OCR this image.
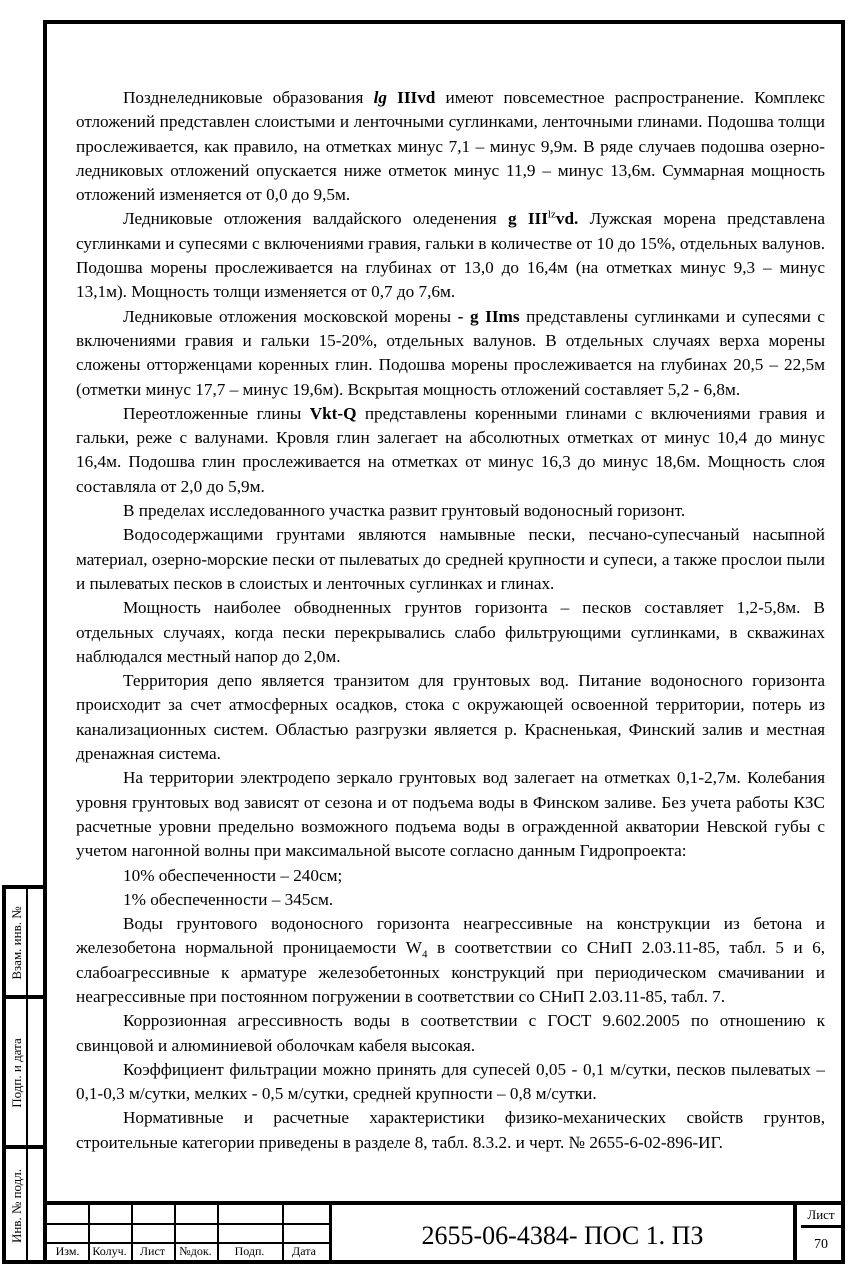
Взам. инв. №
Подп. и дата
Инв. № подл.

Позднеледниковые образования lg IIIvd имеют повсеместное распространение. Комплекс отложений представлен слоистыми и ленточными суглинками, ленточными глинами. Подошва толщи прослеживается, как правило, на отметках минус 7,1 – минус 9,9м. В ряде случаев подошва озерно-ледниковых отложений опускается ниже отметок минус 11,9 – минус 13,6м. Суммарная мощность отложений изменяется от 0,0 до 9,5м.

Ледниковые отложения валдайского оледенения g $III^{lz}vd$. Лужская морена представлена суглинками и супесями с включениями гравия, гальки в количестве от 10 до 15%, отдельных валунов. Подошва морены прослеживается на глубинах от 13,0 до 16,4м (на отметках минус 9,3 – минус 13,1м). Мощность толщи изменяется от 0,7 до 7,6м.

Ледниковые отложения московской морены - g IIms представлены суглинками и супесями с включениями гравия и гальки 15-20%, отдельных валунов. В отдельных случаях верха морены сложены отторженцами коренных глин. Подошва морены прослеживается на глубинах 20,5 – 22,5м (отметки минус 17,7 – минус 19,6м). Вскрытая мощность отложений составляет 5,2 - 6,8м.

Переотложенные глины Vkt-Q представлены коренными глинами с включениями гравия и гальки, реже с валунами. Кровля глин залегает на абсолютных отметках от минус 10,4 до минус 16,4м. Подошва глин прослеживается на отметках от минус 16,3 до минус 18,6м. Мощность слоя составляла от 2,0 до 5,9м.

В пределах исследованного участка развит грунтовый водоносный горизонт.

Водосодержащими грунтами являются намывные пески, песчано-супесчаный насыпной материал, озерно-морские пески от пылеватых до средней крупности и супеси, а также прослои пыли и пылеватых песков в слоистых и ленточных суглинках и глинах.

Мощность наиболее обводненных грунтов горизонта – песков составляет 1,2-5,8м. В отдельных случаях, когда пески перекрывались слабо фильтрующими суглинками, в скважинах наблюдался местный напор до 2,0м.

Территория депо является транзитом для грунтовых вод. Питание водоносного горизонта происходит за счет атмосферных осадков, стока с окружающей освоенной территории, потерь из канализационных систем. Областью разгрузки является р. Красненькая, Финский залив и местная дренажная система.

На территории электродепо зеркало грунтовых вод залегает на отметках 0,1-2,7м. Колебания уровня грунтовых вод зависят от сезона и от подъема воды в Финском заливе. Без учета работы КЗС расчетные уровни предельно возможного подъема воды в огражденной акватории Невской губы с учетом нагонной волны при максимальной высоте согласно данным Гидропроекта:

10% обеспеченности – 240см;

1% обеспеченности – 345см.

Воды грунтового водоносного горизонта неагрессивные на конструкции из бетона и железобетона нормальной проницаемости $W_4$ в соответствии со СНиП 2.03.11-85, табл. 5 и 6, слабоагрессивные к арматуре железобетонных конструкций при периодическом смачивании и неагрессивные при постоянном погружении в соответствии со СНиП 2.03.11-85, табл. 7.

Коррозионная агрессивность воды в соответствии с ГОСТ 9.602.2005 по отношению к свинцовой и алюминиевой оболочкам кабеля высокая.

Коэффициент фильтрации можно принять для супесей 0,05 - 0,1 м/сутки, песков пылеватых – 0,1-0,3 м/сутки, мелких - 0,5 м/сутки, средней крупности – 0,8 м/сутки.

Нормативные и расчетные характеристики физико-механических свойств грунтов, строительные категории приведены в разделе 8, табл. 8.3.2. и черт. № 2655-6-02-896-ИГ.

Изм.	Колуч.	Лист	№док.	Подп.	Дата
2655-06-4384- ПОС 1. ПЗ
Лист
70
